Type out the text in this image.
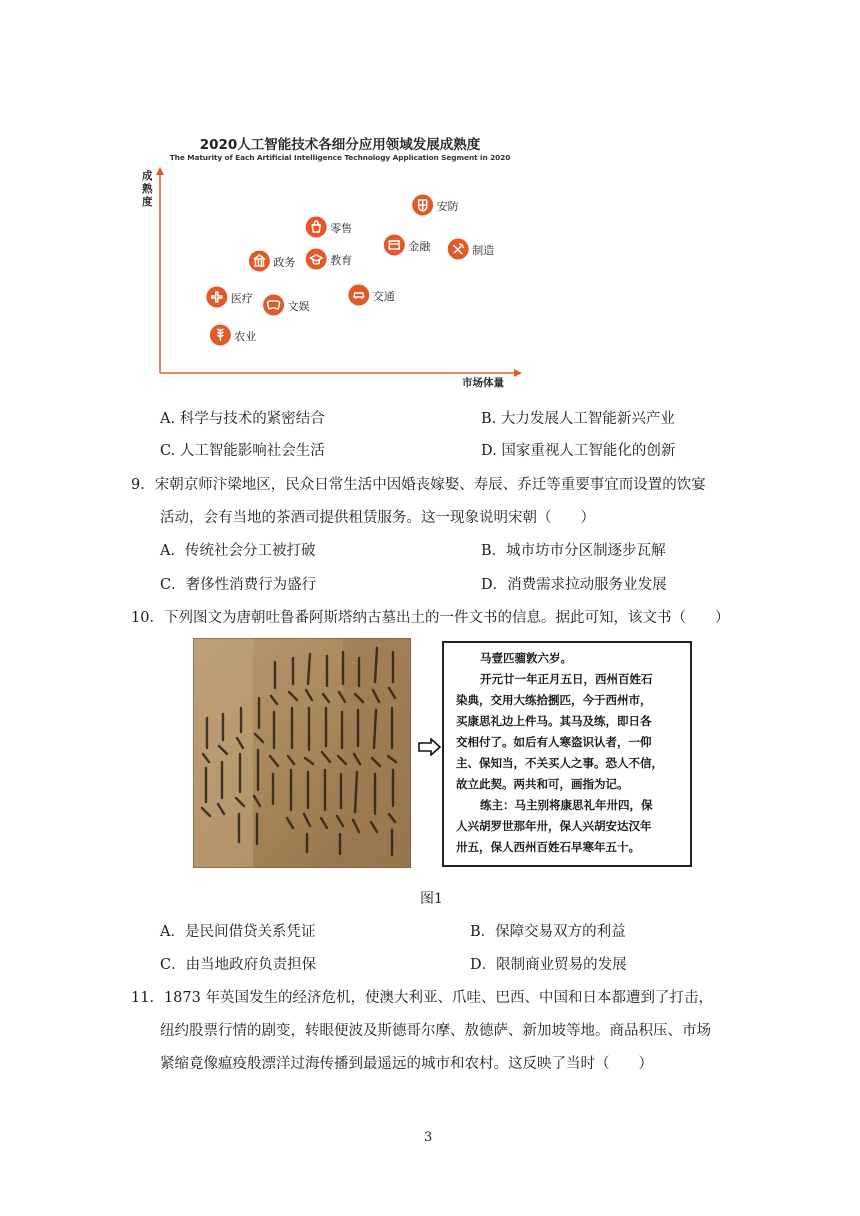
2020人工智能技术各细分应用领域发展成熟度
The Maturity of Each Artificial Intelligence Technology Application Segment in 2020
成
熟
度
市场体量
安防
零售
金融	制造
政务	教育
交通
医疗
文娱
农业
A. 科学与技术的紧密结合	B. 大力发展人工智能新兴产业
C. 人工智能影响社会生活	D. 国家重视人工智能化的创新
9．宋朝京师汴梁地区，民众日常生活中因婚丧嫁娶、寿辰、乔迁等重要事宜而设置的饮宴
活动，会有当地的茶酒司提供租赁服务。这一现象说明宋朝（　　）
A．传统社会分工被打破	B．城市坊市分区制逐步瓦解
C．奢侈性消费行为盛行	D．消费需求拉动服务业发展
10．下列图文为唐朝吐鲁番阿斯塔纳古墓出土的一件文书的信息。据此可知，该文书（　　）
马壹匹骝敦六岁。
开元廿一年正月五日，西州百姓石
染典，交用大练拾捌匹，今于西州市，
买康思礼边上件马。其马及练，即日各
交相付了。如后有人寒盗识认者，一仰
主、保知当，不关买人之事。恐人不信，
故立此契。两共和可，画指为记。
练主：马主别将康思礼年卅四，保
人兴胡罗世那年卅，保人兴胡安达汉年
卅五，保人西州百姓石早寒年五十。
图1
A．是民间借贷关系凭证	B．保障交易双方的利益
C．由当地政府负责担保	D．限制商业贸易的发展
11．1873 年英国发生的经济危机，使澳大利亚、爪哇、巴西、中国和日本都遭到了打击，
纽约股票行情的剧变，转眼便波及斯德哥尔摩、敖德萨、新加坡等地。商品积压、市场
紧缩竟像瘟疫般漂洋过海传播到最遥远的城市和农村。这反映了当时（　　）
3
